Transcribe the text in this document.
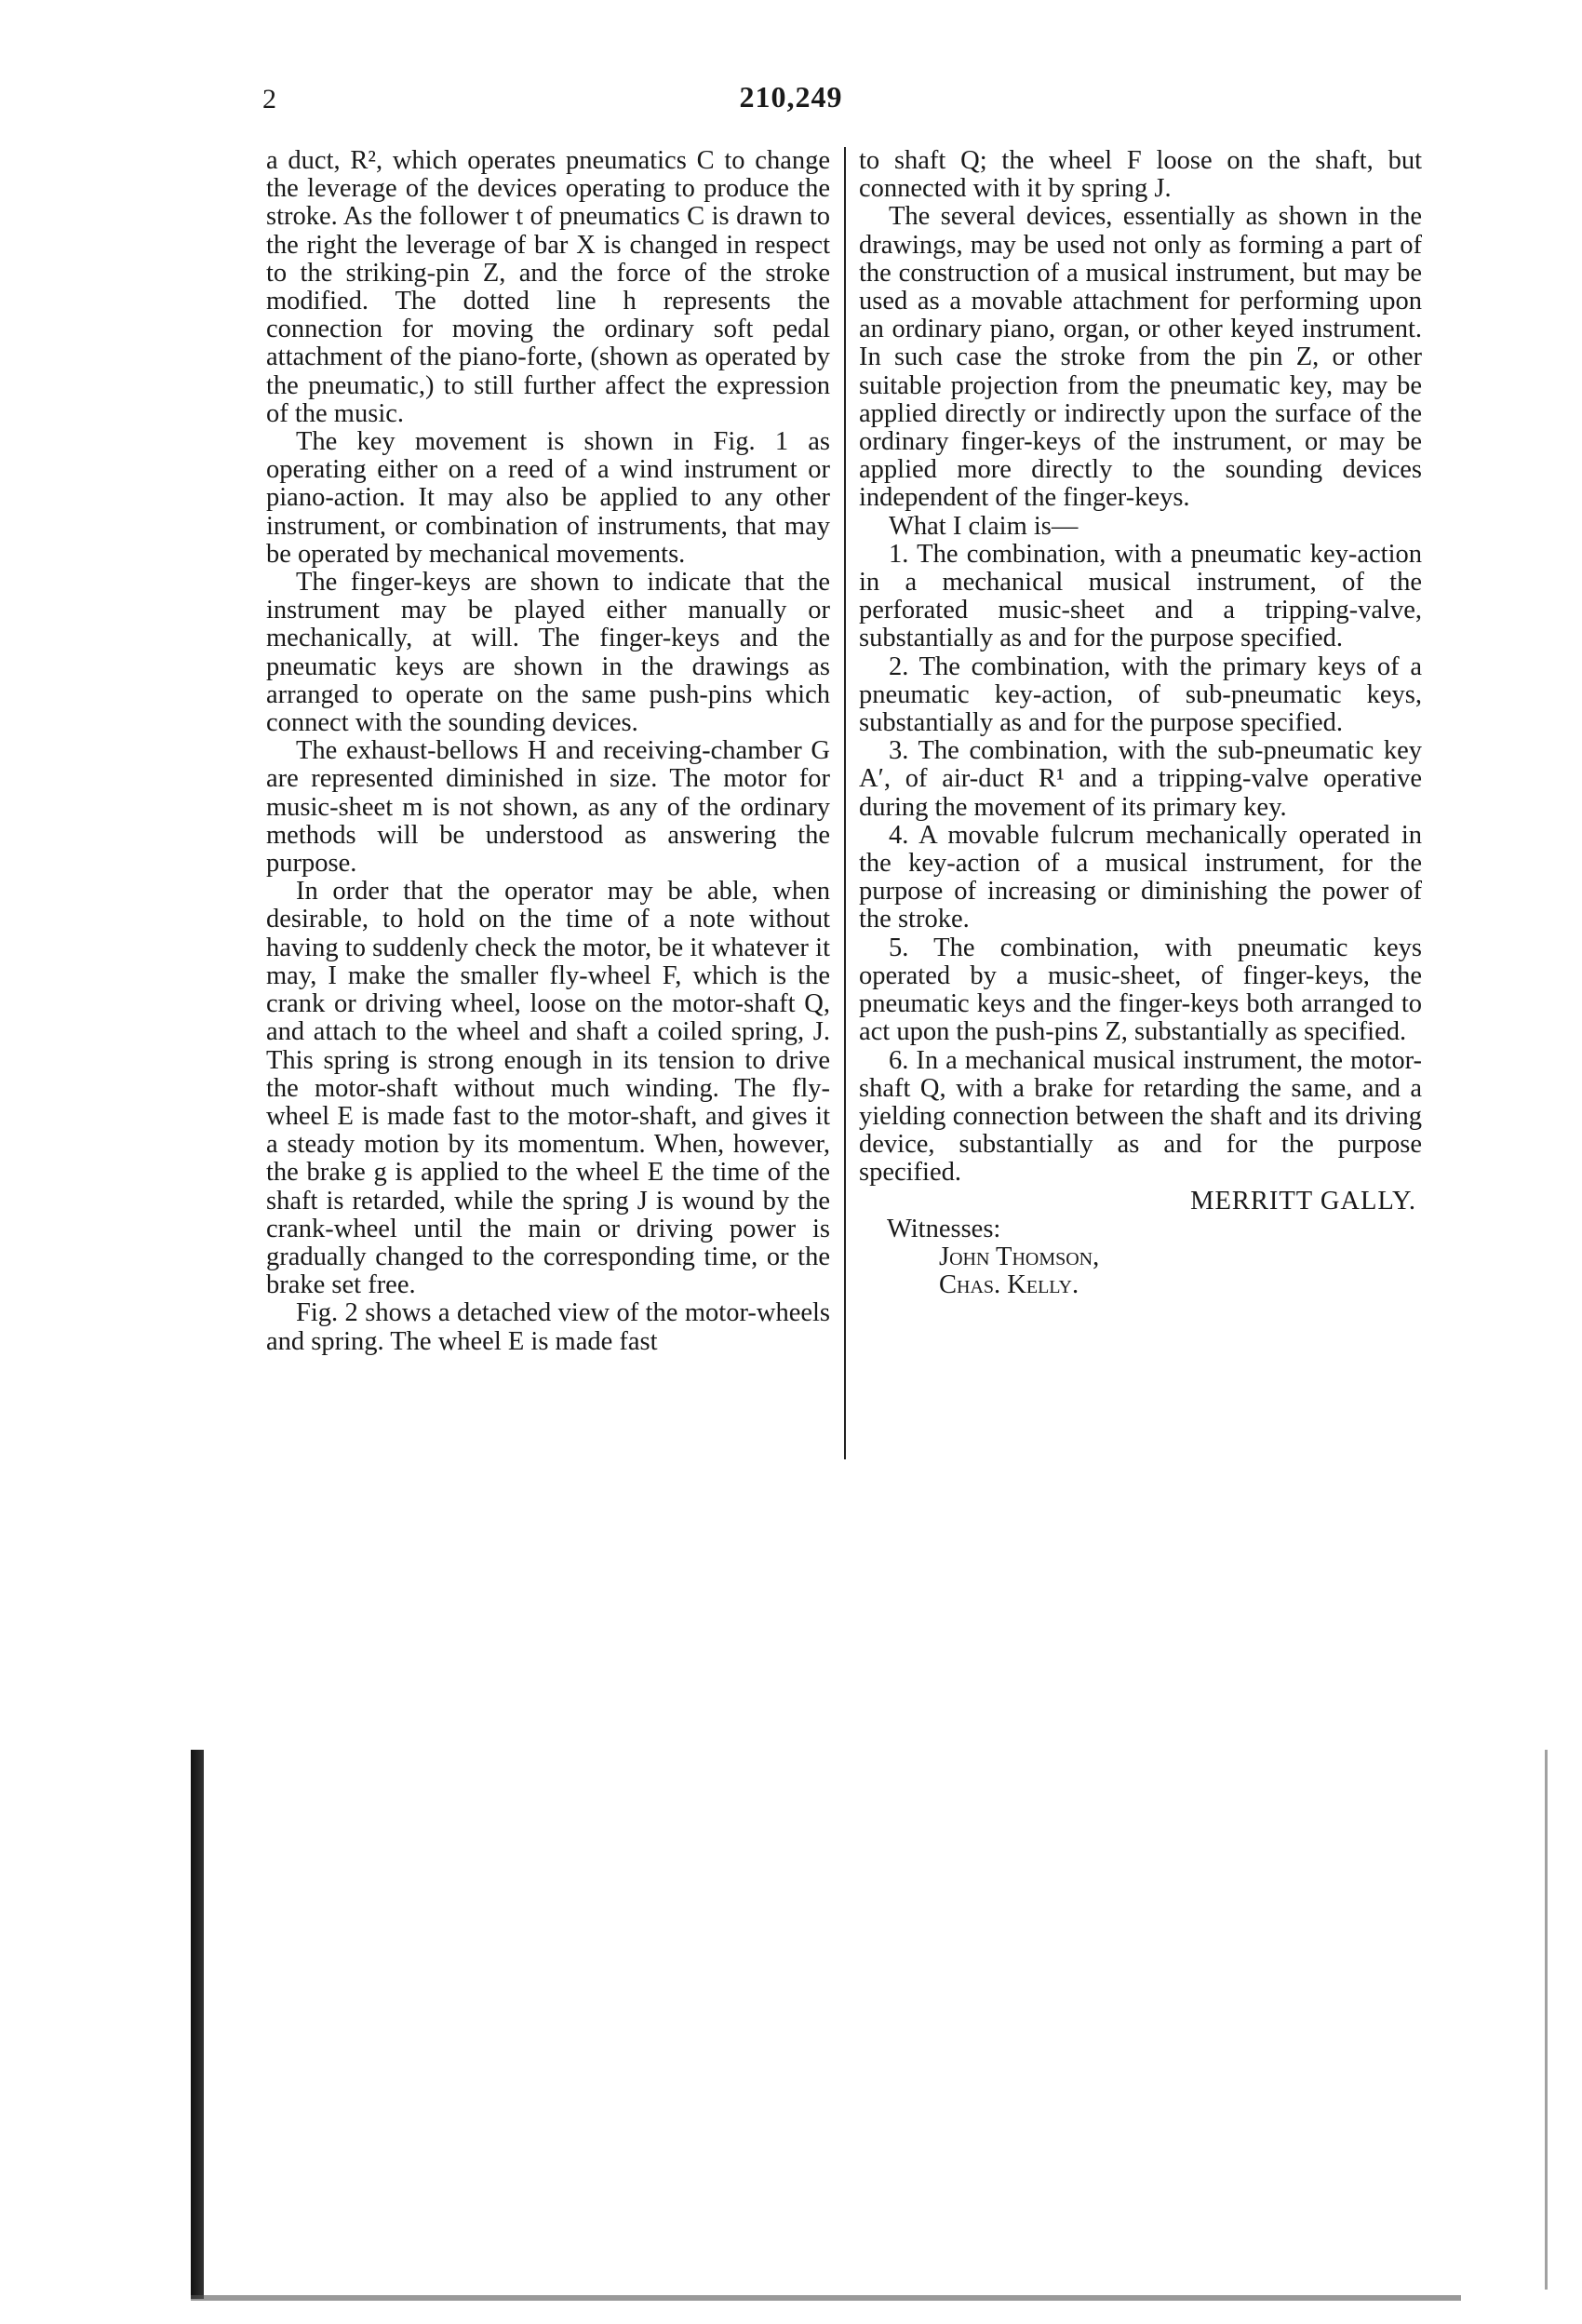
2	210,249

a duct, R², which operates pneumatics C to change the leverage of the devices operating to produce the stroke. As the follower t of pneumatics C is drawn to the right the leverage of bar X is changed in respect to the striking-pin Z, and the force of the stroke modified. The dotted line h represents the connection for moving the ordinary soft pedal attachment of the piano-forte, (shown as operated by the pneumatic,) to still further affect the expression of the music.

The key movement is shown in Fig. 1 as operating either on a reed of a wind instrument or piano-action. It may also be applied to any other instrument, or combination of instruments, that may be operated by mechanical movements.

The finger-keys are shown to indicate that the instrument may be played either manually or mechanically, at will. The finger-keys and the pneumatic keys are shown in the drawings as arranged to operate on the same push-pins which connect with the sounding devices.

The exhaust-bellows H and receiving-chamber G are represented diminished in size. The motor for music-sheet m is not shown, as any of the ordinary methods will be understood as answering the purpose.

In order that the operator may be able, when desirable, to hold on the time of a note without having to suddenly check the motor, be it whatever it may, I make the smaller fly-wheel F, which is the crank or driving wheel, loose on the motor-shaft Q, and attach to the wheel and shaft a coiled spring, J. This spring is strong enough in its tension to drive the motor-shaft without much winding. The fly-wheel E is made fast to the motor-shaft, and gives it a steady motion by its momentum. When, however, the brake g is applied to the wheel E the time of the shaft is retarded, while the spring J is wound by the crank-wheel until the main or driving power is gradually changed to the corresponding time, or the brake set free.

Fig. 2 shows a detached view of the motor-wheels and spring. The wheel E is made fast

to shaft Q; the wheel F loose on the shaft, but connected with it by spring J.

The several devices, essentially as shown in the drawings, may be used not only as forming a part of the construction of a musical instrument, but may be used as a movable attachment for performing upon an ordinary piano, organ, or other keyed instrument. In such case the stroke from the pin Z, or other suitable projection from the pneumatic key, may be applied directly or indirectly upon the surface of the ordinary finger-keys of the instrument, or may be applied more directly to the sounding devices independent of the finger-keys.

What I claim is—

1. The combination, with a pneumatic key-action in a mechanical musical instrument, of the perforated music-sheet and a tripping-valve, substantially as and for the purpose specified.

2. The combination, with the primary keys of a pneumatic key-action, of sub-pneumatic keys, substantially as and for the purpose specified.

3. The combination, with the sub-pneumatic key A′, of air-duct R¹ and a tripping-valve operative during the movement of its primary key.

4. A movable fulcrum mechanically operated in the key-action of a musical instrument, for the purpose of increasing or diminishing the power of the stroke.

5. The combination, with pneumatic keys operated by a music-sheet, of finger-keys, the pneumatic keys and the finger-keys both arranged to act upon the push-pins Z, substantially as specified.

6. In a mechanical musical instrument, the motor-shaft Q, with a brake for retarding the same, and a yielding connection between the shaft and its driving device, substantially as and for the purpose specified.

MERRITT GALLY.

Witnesses:

John Thomson,

Chas. Kelly.
